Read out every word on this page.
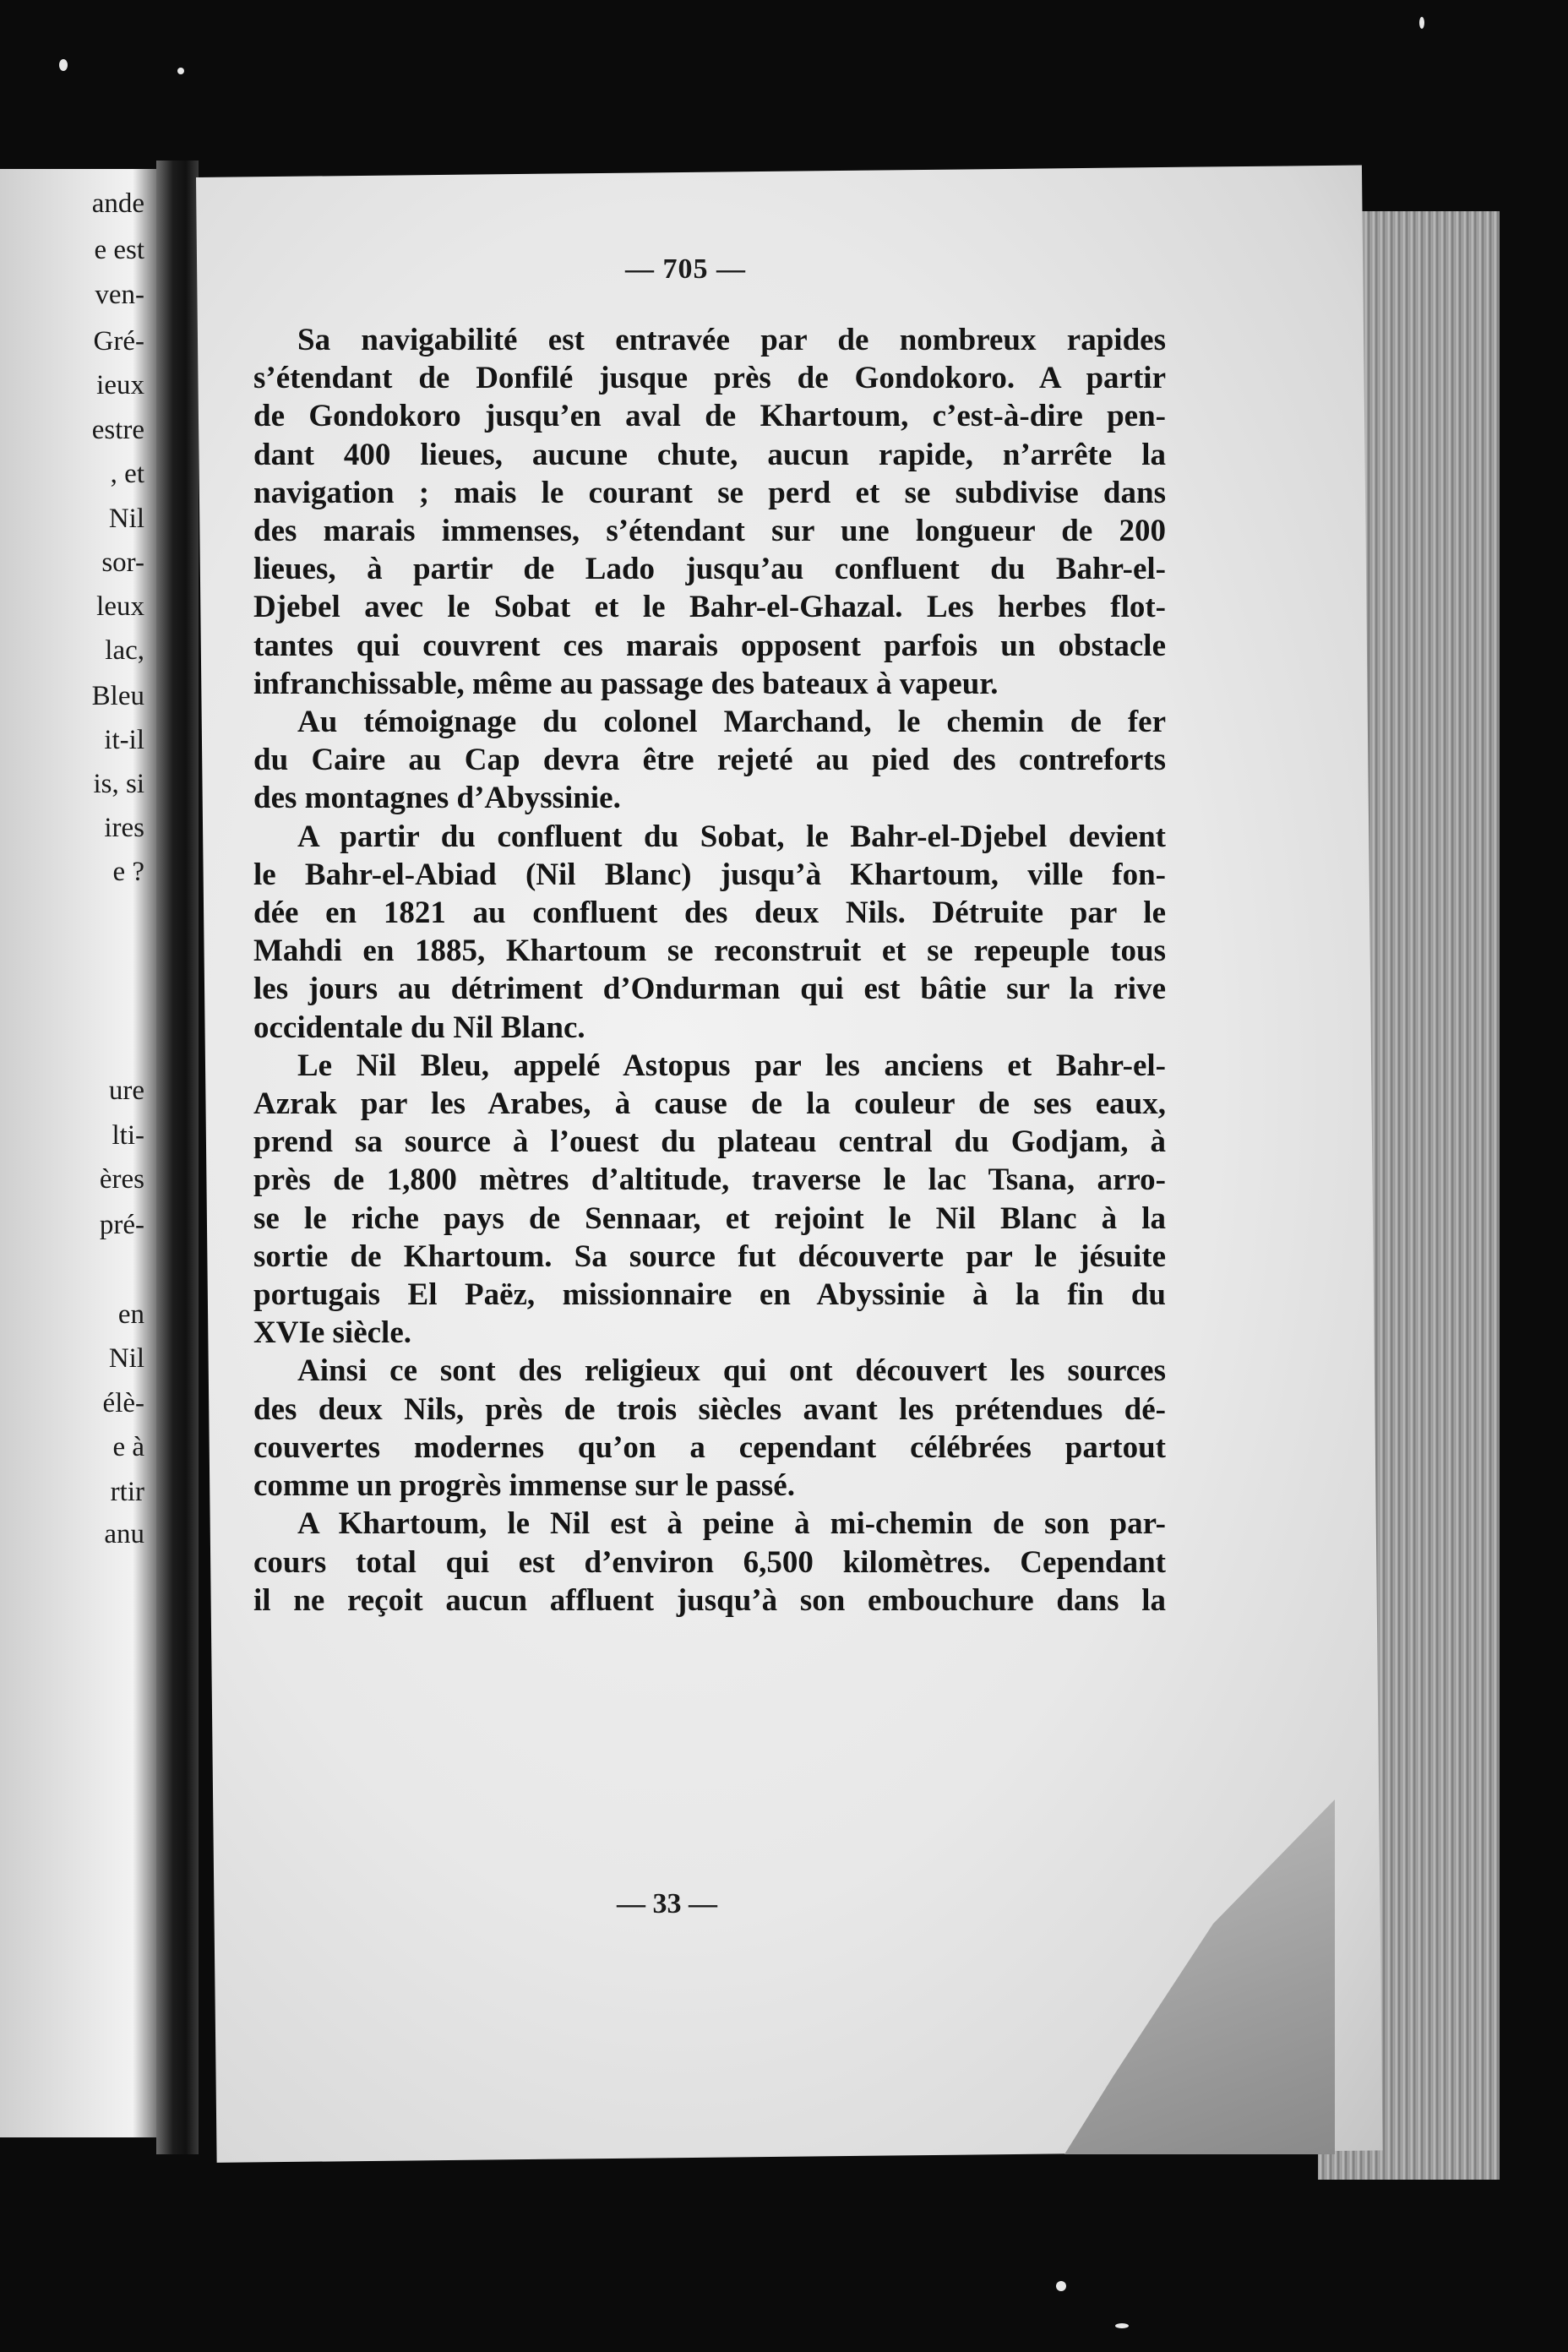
ande
e est
ven-
Gré-
ieux
estre
, et
Nil
sor-
leux
lac,
Bleu
it-il
is, si
ires
e ?
ure
lti-
ères
pré-
en
Nil
élè-
e à
rtir
anu
— 705 —
Sa navigabilité est entravée par de nombreux rapides
s’étendant de Donfilé jusque près de Gondokoro. A partir
de Gondokoro jusqu’en aval de Khartoum, c’est-à-dire pen-
dant 400 lieues, aucune chute, aucun rapide, n’arrête la
navigation ; mais le courant se perd et se subdivise dans
des marais immenses, s’étendant sur une longueur de 200
lieues, à partir de Lado jusqu’au confluent du Bahr-el-
Djebel avec le Sobat et le Bahr-el-Ghazal. Les herbes flot-
tantes qui couvrent ces marais opposent parfois un obstacle
infranchissable, même au passage des bateaux à vapeur.
Au témoignage du colonel Marchand, le chemin de fer
du Caire au Cap devra être rejeté au pied des contreforts
des montagnes d’Abyssinie.
A partir du confluent du Sobat, le Bahr-el-Djebel devient
le Bahr-el-Abiad (Nil Blanc) jusqu’à Khartoum, ville fon-
dée en 1821 au confluent des deux Nils. Détruite par le
Mahdi en 1885, Khartoum se reconstruit et se repeuple tous
les jours au détriment d’Ondurman qui est bâtie sur la rive
occidentale du Nil Blanc.
Le Nil Bleu, appelé Astopus par les anciens et Bahr-el-
Azrak par les Arabes, à cause de la couleur de ses eaux,
prend sa source à l’ouest du plateau central du Godjam, à
près de 1,800 mètres d’altitude, traverse le lac Tsana, arro-
se le riche pays de Sennaar, et rejoint le Nil Blanc à la
sortie de Khartoum. Sa source fut découverte par le jésuite
portugais El Paëz, missionnaire en Abyssinie à la fin du
XVIe siècle.
Ainsi ce sont des religieux qui ont découvert les sources
des deux Nils, près de trois siècles avant les prétendues dé-
couvertes modernes qu’on a cependant célébrées partout
comme un progrès immense sur le passé.
A Khartoum, le Nil est à peine à mi-chemin de son par-
cours total qui est d’environ 6,500 kilomètres. Cependant
il ne reçoit aucun affluent jusqu’à son embouchure dans la
— 33 —
